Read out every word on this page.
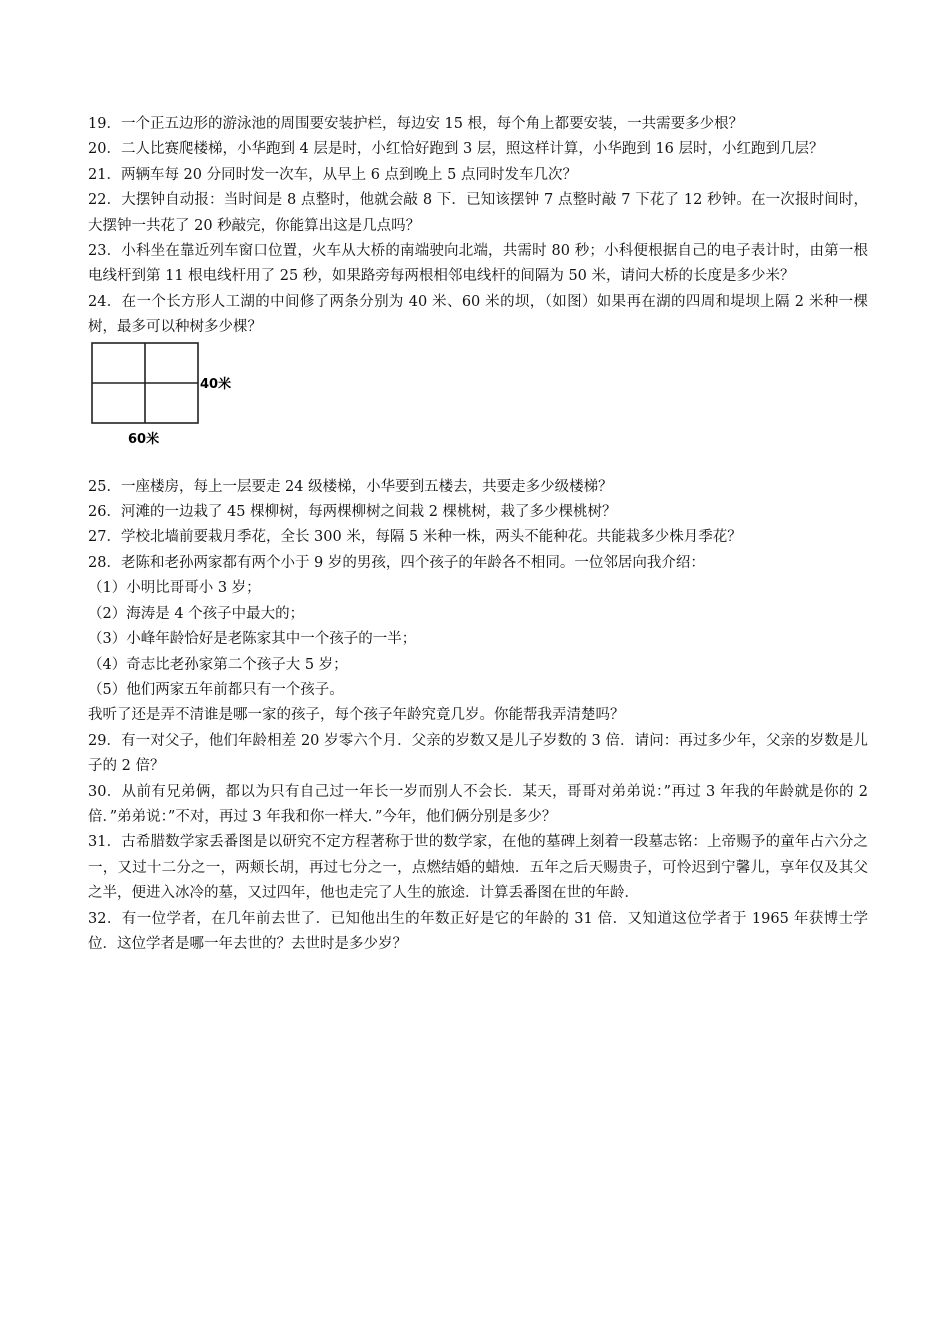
19．一个正五边形的游泳池的周围要安装护栏，每边安 15 根，每个角上都要安装，一共需要多少根？

20．二人比赛爬楼梯，小华跑到 4 层是时，小红恰好跑到 3 层，照这样计算，小华跑到 16 层时，小红跑到几层？

21．两辆车每 20 分同时发一次车，从早上 6 点到晚上 5 点同时发车几次？

22．大摆钟自动报：当时间是 8 点整时，他就会敲 8 下．已知该摆钟 7 点整时敲 7 下花了 12 秒钟。在一次报时间时，大摆钟一共花了 20 秒敲完，你能算出这是几点吗？

23．小科坐在靠近列车窗口位置，火车从大桥的南端驶向北端，共需时 80 秒；小科便根据自己的电子表计时，由第一根电线杆到第 11 根电线杆用了 25 秒，如果路旁每两根相邻电线杆的间隔为 50 米，请问大桥的长度是多少米？

24．在一个长方形人工湖的中间修了两条分别为 40 米、60 米的坝，（如图）如果再在湖的四周和堤坝上隔 2 米种一棵树，最多可以种树多少棵？

40米
60米

25．一座楼房，每上一层要走 24 级楼梯，小华要到五楼去，共要走多少级楼梯？

26．河滩的一边栽了 45 棵柳树，每两棵柳树之间栽 2 棵桃树，栽了多少棵桃树？

27．学校北墙前要栽月季花，全长 300 米，每隔 5 米种一株，两头不能种花。共能栽多少株月季花？

28．老陈和老孙两家都有两个小于 9 岁的男孩，四个孩子的年龄各不相同。一位邻居向我介绍：

（1）小明比哥哥小 3 岁；

（2）海涛是 4 个孩子中最大的；

（3）小峰年龄恰好是老陈家其中一个孩子的一半；

（4）奇志比老孙家第二个孩子大 5 岁；

（5）他们两家五年前都只有一个孩子。

我听了还是弄不清谁是哪一家的孩子，每个孩子年龄究竟几岁。你能帮我弄清楚吗？

29．有一对父子，他们年龄相差 20 岁零六个月．父亲的岁数又是儿子岁数的 3 倍．请问：再过多少年，父亲的岁数是儿子的 2 倍？

30．从前有兄弟俩，都以为只有自己过一年长一岁而别人不会长．某天，哥哥对弟弟说：”再过 3 年我的年龄就是你的 2 倍．”弟弟说：”不对，再过 3 年我和你一样大．”今年，他们俩分别是多少？

31．古希腊数学家丢番图是以研究不定方程著称于世的数学家，在他的墓碑上刻着一段墓志铭：上帝赐予的童年占六分之一，又过十二分之一，两颊长胡，再过七分之一，点燃结婚的蜡烛．五年之后天赐贵子，可怜迟到宁馨儿，享年仅及其父之半，便进入冰冷的墓，又过四年，他也走完了人生的旅途．计算丢番图在世的年龄．

32．有一位学者，在几年前去世了．已知他出生的年数正好是它的年龄的 31 倍．又知道这位学者于 1965 年获博士学位．这位学者是哪一年去世的？去世时是多少岁？
